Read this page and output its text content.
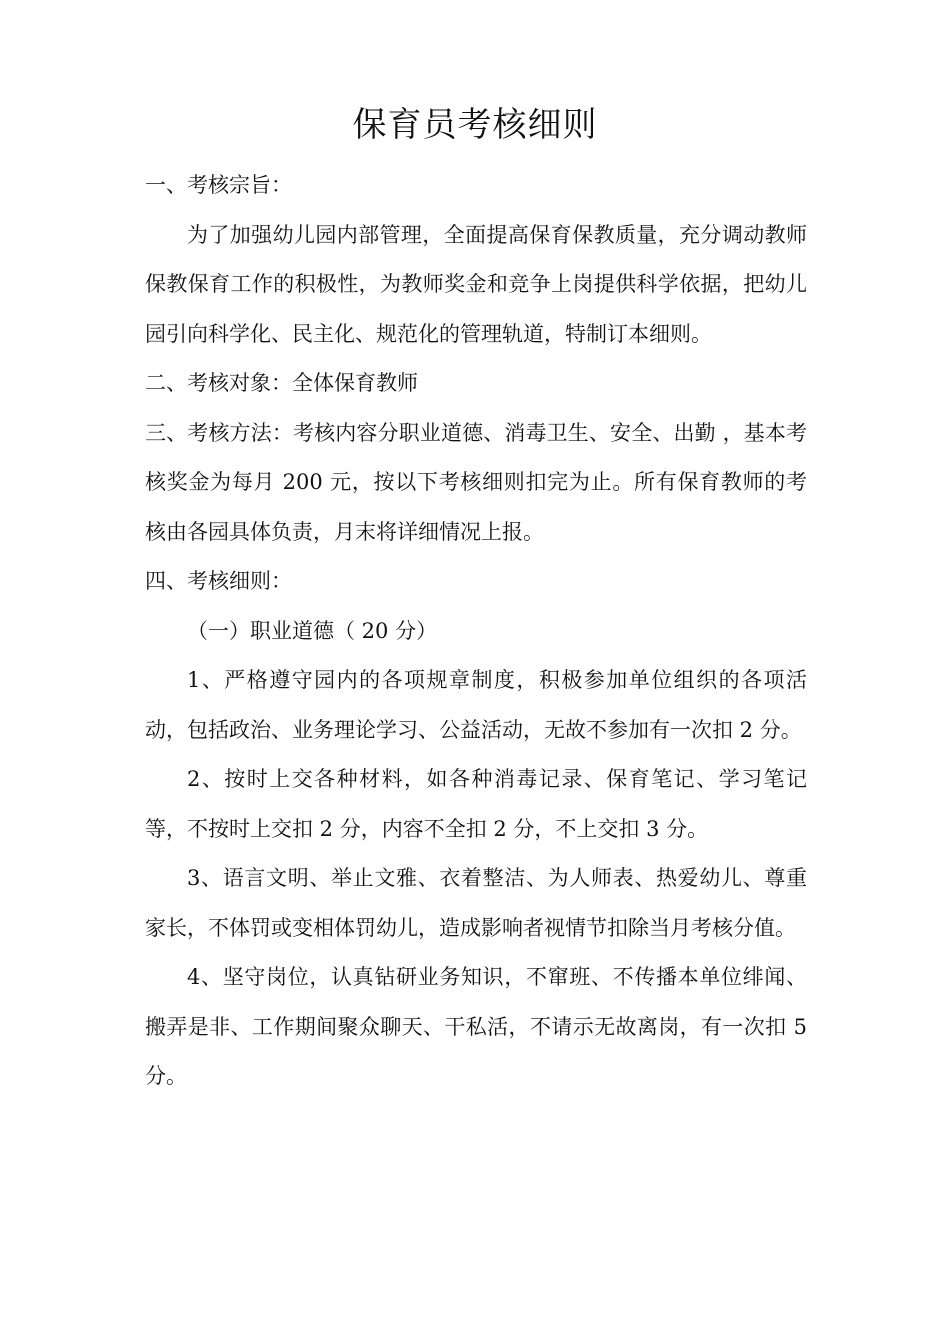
保育员考核细则

一、考核宗旨：

为了加强幼儿园内部管理，全面提高保育保教质量，充分调动教师保教保育工作的积极性，为教师奖金和竞争上岗提供科学依据，把幼儿园引向科学化、民主化、规范化的管理轨道，特制订本细则。

二、考核对象：全体保育教师

三、考核方法：考核内容分职业道德、消毒卫生、安全、出勤 ，基本考核奖金为每月 200 元，按以下考核细则扣完为止。所有保育教师的考核由各园具体负责，月末将详细情况上报。

四、考核细则：

（一）职业道德（ 20 分）

1、严格遵守园内的各项规章制度，积极参加单位组织的各项活动，包括政治、业务理论学习、公益活动，无故不参加有一次扣 2 分。

2、按时上交各种材料，如各种消毒记录、保育笔记、学习笔记等，不按时上交扣 2 分，内容不全扣 2 分，不上交扣 3 分。

3、语言文明、举止文雅、衣着整洁、为人师表、热爱幼儿、尊重家长，不体罚或变相体罚幼儿，造成影响者视情节扣除当月考核分值。

4、坚守岗位，认真钻研业务知识，不窜班、不传播本单位绯闻、搬弄是非、工作期间聚众聊天、干私活，不请示无故离岗，有一次扣 5 分。
